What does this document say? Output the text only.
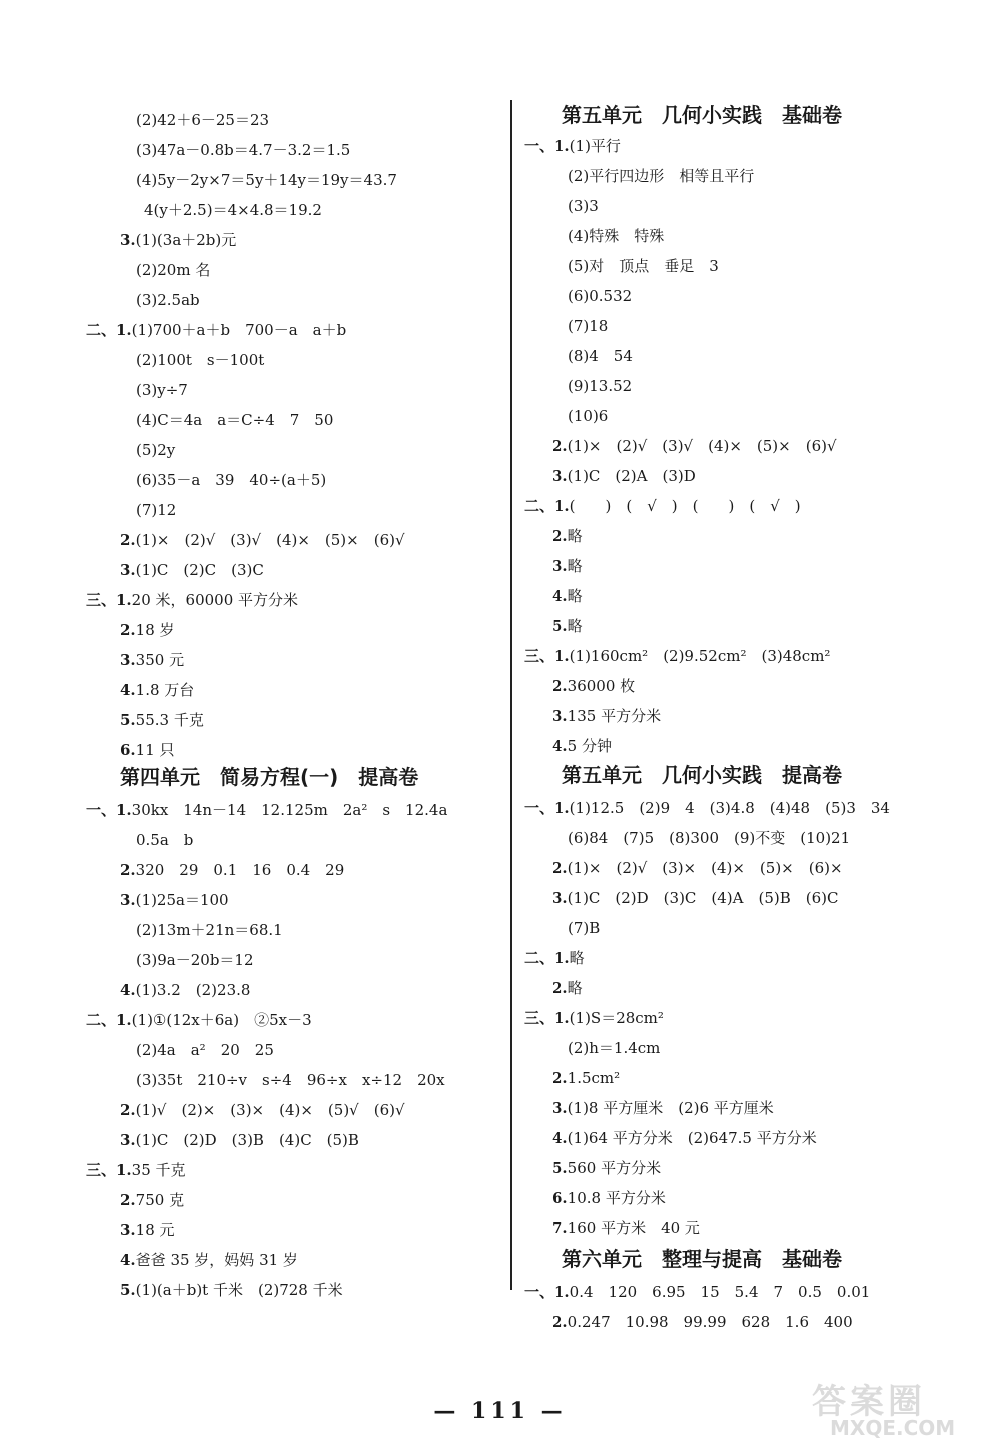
(2)42＋6－25＝23
(3)47a－0.8b＝4.7－3.2＝1.5
(4)5y－2y×7＝5y＋14y＝19y＝43.7
4(y＋2.5)＝4×4.8＝19.2
3.(1)(3a＋2b)元
(2)20m 名
(3)2.5ab
二、1.(1)700＋a＋b　700－a　a＋b
(2)100t　s－100t
(3)y÷7
(4)C＝4a　a＝C÷4　7　50
(5)2y
(6)35－a　39　40÷(a＋5)
(7)12
2.(1)×　(2)√　(3)√　(4)×　(5)×　(6)√
3.(1)C　(2)C　(3)C
三、1.20 米，60000 平方分米
2.18 岁
3.350 元
4.1.8 万台
5.55.3 千克
6.11 只
第四单元　简易方程(一)　提高卷
一、1.30kx　14n－14　12.125m　2a²　s　12.4a
0.5a　b
2.320　29　0.1　16　0.4　29
3.(1)25a＝100
(2)13m＋21n＝68.1
(3)9a－20b＝12
4.(1)3.2　(2)23.8
二、1.(1)①(12x＋6a)　②5x－3
(2)4a　a²　20　25
(3)35t　210÷v　s÷4　96÷x　x÷12　20x
2.(1)√　(2)×　(3)×　(4)×　(5)√　(6)√
3.(1)C　(2)D　(3)B　(4)C　(5)B
三、1.35 千克
2.750 克
3.18 元
4.爸爸 35 岁，妈妈 31 岁
5.(1)(a＋b)t 千米　(2)728 千米
第五单元　几何小实践　基础卷
一、1.(1)平行
(2)平行四边形　相等且平行
(3)3
(4)特殊　特殊
(5)对　顶点　垂足　3
(6)0.532
(7)18
(8)4　54
(9)13.52
(10)6
2.(1)×　(2)√　(3)√　(4)×　(5)×　(6)√
3.(1)C　(2)A　(3)D
二、1.(　　)　(　√　)　(　　)　(　√　)
2.略
3.略
4.略
5.略
三、1.(1)160cm²　(2)9.52cm²　(3)48cm²
2.36000 枚
3.135 平方分米
4.5 分钟
第五单元　几何小实践　提高卷
一、1.(1)12.5　(2)9　4　(3)4.8　(4)48　(5)3　34
(6)84　(7)5　(8)300　(9)不变　(10)21
2.(1)×　(2)√　(3)×　(4)×　(5)×　(6)×
3.(1)C　(2)D　(3)C　(4)A　(5)B　(6)C
(7)B
二、1.略
2.略
三、1.(1)S＝28cm²
(2)h＝1.4cm
2.1.5cm²
3.(1)8 平方厘米　(2)6 平方厘米
4.(1)64 平方分米　(2)647.5 平方分米
5.560 平方分米
6.10.8 平方分米
7.160 平方米　40 元
第六单元　整理与提高　基础卷
一、1.0.4　120　6.95　15　5.4　7　0.5　0.01
2.0.247　10.98　99.99　628　1.6　400
— 111 —	答案圈
MXQE.COM
